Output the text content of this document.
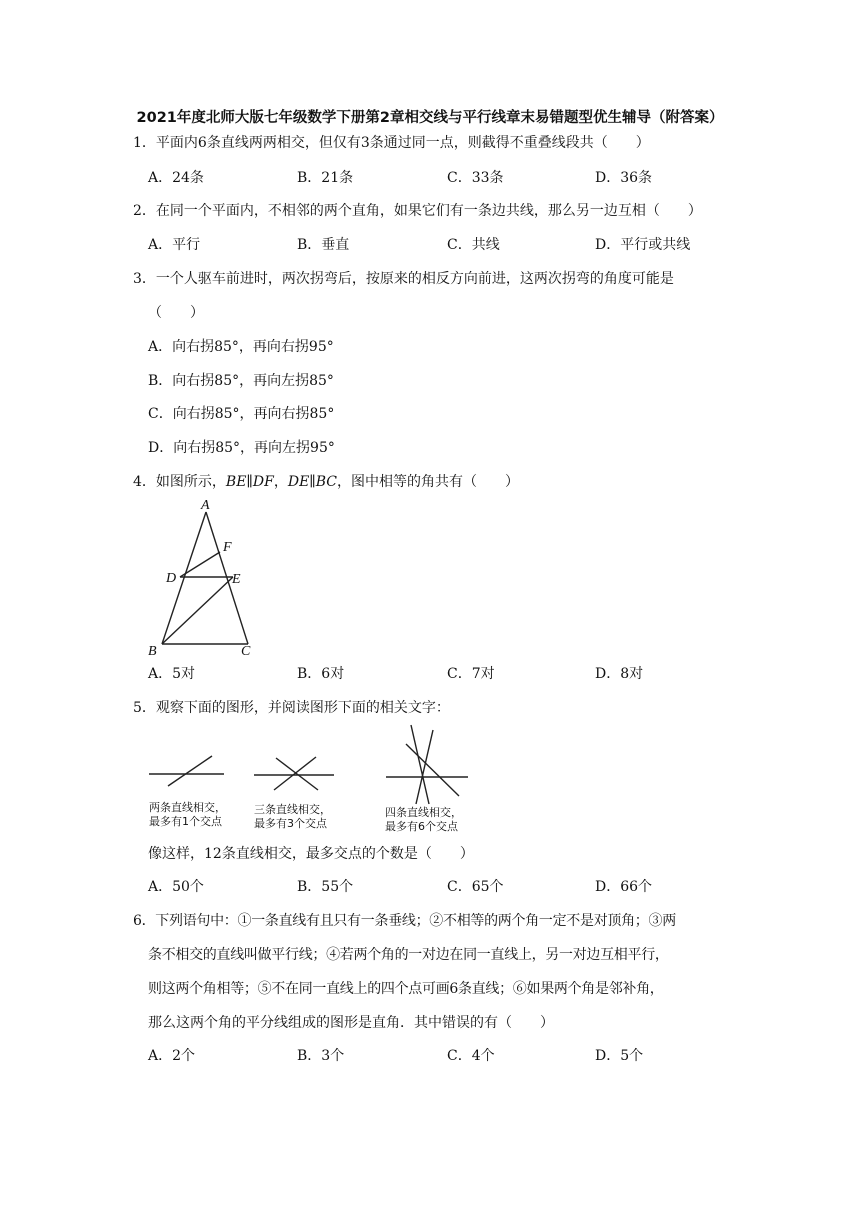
2021年度北师大版七年级数学下册第2章相交线与平行线章末易错题型优生辅导（附答案）
1．平面内6条直线两两相交，但仅有3条通过同一点，则截得不重叠线段共（　　）
A．24条	B．21条	C．33条	D．36条
2．在同一个平面内，不相邻的两个直角，如果它们有一条边共线，那么另一边互相（　　）
A．平行	B．垂直	C．共线	D．平行或共线
3．一个人驱车前进时，两次拐弯后，按原来的相反方向前进，这两次拐弯的角度可能是
（　　）
A．向右拐85°，再向右拐95°
B．向右拐85°，再向左拐85°
C．向右拐85°，再向右拐85°
D．向右拐85°，再向左拐95°
4．如图所示，BE∥DF，DE∥BC，图中相等的角共有（　　）
A
F
D	E
B	C
A．5对	B．6对	C．7对	D．8对
5．观察下面的图形，并阅读图形下面的相关文字：
两条直线相交，
最多有1个交点
三条直线相交，
最多有3个交点
四条直线相交，
最多有6个交点
像这样，12条直线相交，最多交点的个数是（　　）
A．50个	B．55个	C．65个	D．66个
6．下列语句中：①一条直线有且只有一条垂线；②不相等的两个角一定不是对顶角；③两
条不相交的直线叫做平行线；④若两个角的一对边在同一直线上，另一对边互相平行，
则这两个角相等；⑤不在同一直线上的四个点可画6条直线；⑥如果两个角是邻补角，
那么这两个角的平分线组成的图形是直角．其中错误的有（　　）
A．2个	B．3个	C．4个	D．5个
